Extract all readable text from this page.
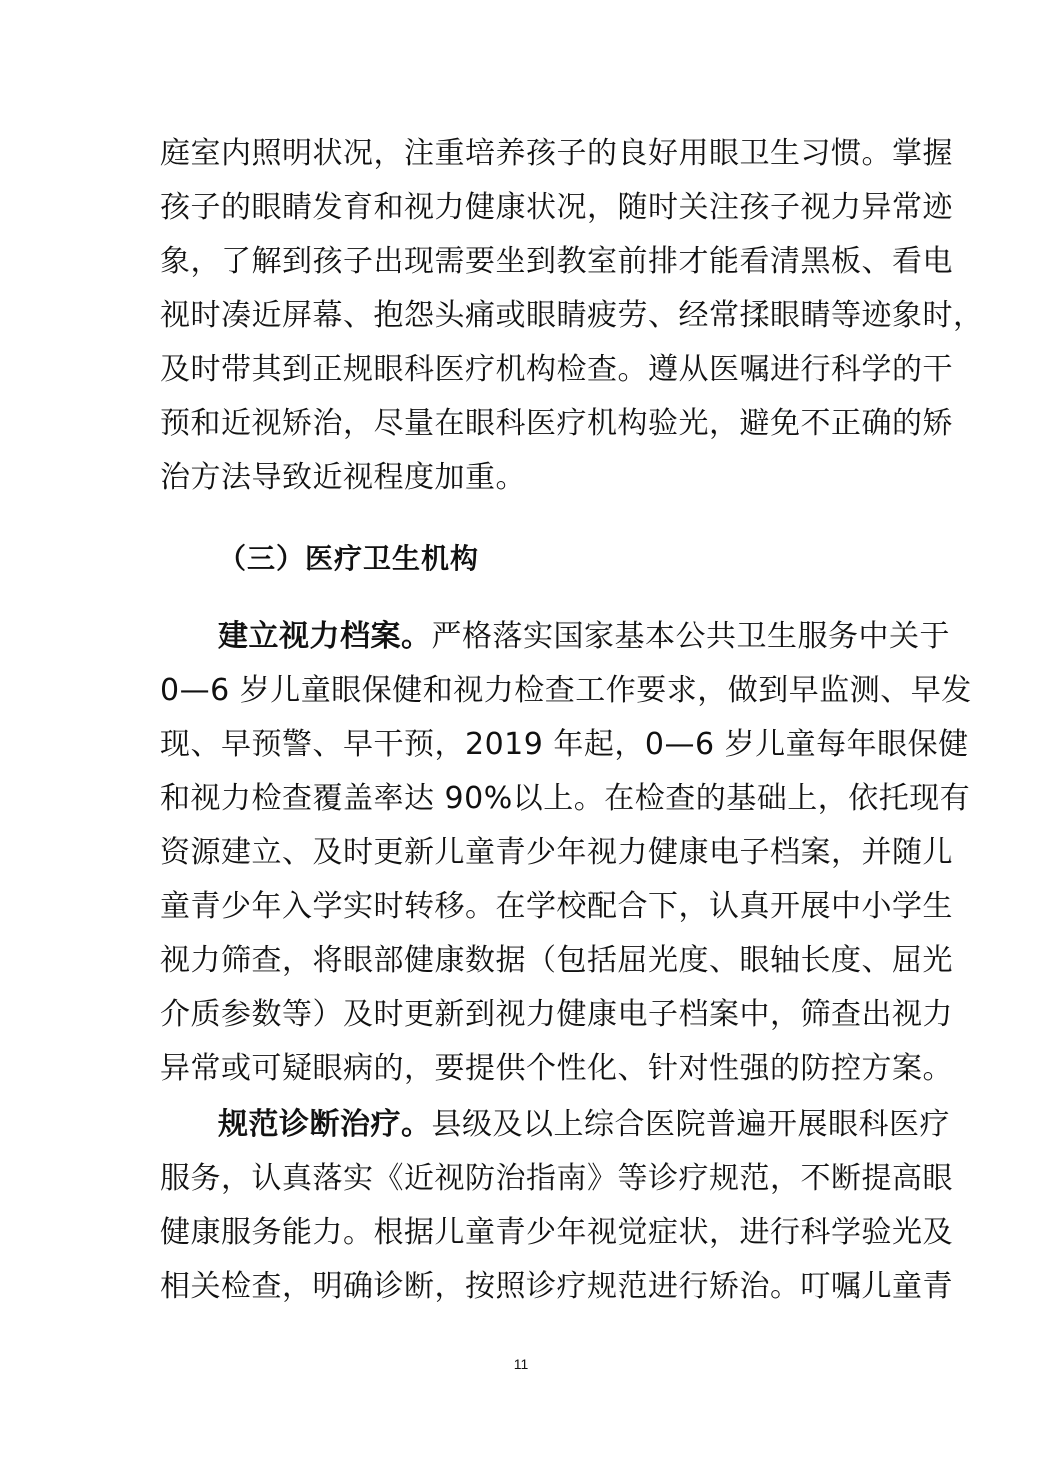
庭室内照明状况，注重培养孩子的良好用眼卫生习惯。掌握
孩子的眼睛发育和视力健康状况，随时关注孩子视力异常迹
象，了解到孩子出现需要坐到教室前排才能看清黑板、看电
视时凑近屏幕、抱怨头痛或眼睛疲劳、经常揉眼睛等迹象时，
及时带其到正规眼科医疗机构检查。遵从医嘱进行科学的干
预和近视矫治，尽量在眼科医疗机构验光，避免不正确的矫
治方法导致近视程度加重。
（三）医疗卫生机构
建立视力档案。严格落实国家基本公共卫生服务中关于
0—6 岁儿童眼保健和视力检查工作要求，做到早监测、早发
现、早预警、早干预，2019 年起，0—6 岁儿童每年眼保健
和视力检查覆盖率达 90%以上。在检查的基础上，依托现有
资源建立、及时更新儿童青少年视力健康电子档案，并随儿
童青少年入学实时转移。在学校配合下，认真开展中小学生
视力筛查，将眼部健康数据（包括屈光度、眼轴长度、屈光
介质参数等）及时更新到视力健康电子档案中，筛查出视力
异常或可疑眼病的，要提供个性化、针对性强的防控方案。
规范诊断治疗。县级及以上综合医院普遍开展眼科医疗
服务，认真落实《近视防治指南》等诊疗规范，不断提高眼
健康服务能力。根据儿童青少年视觉症状，进行科学验光及
相关检查，明确诊断，按照诊疗规范进行矫治。叮嘱儿童青
11
